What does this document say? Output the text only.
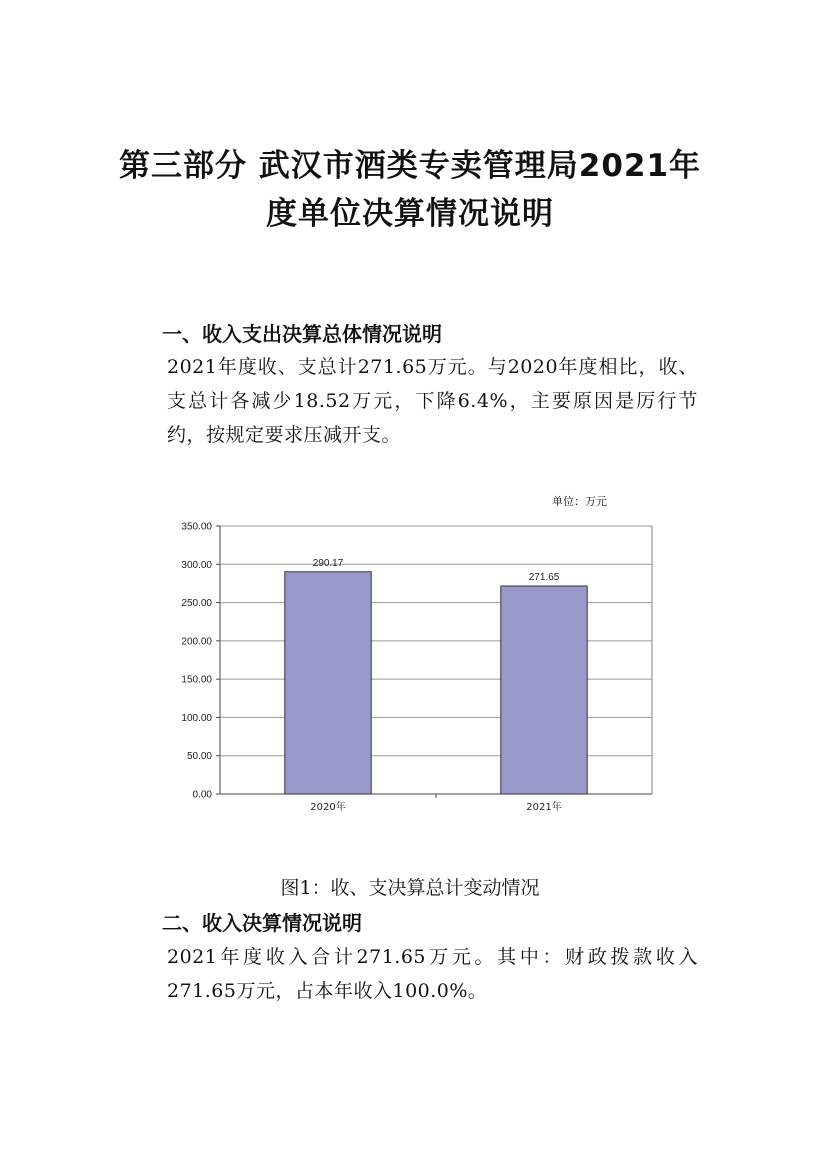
第三部分 武汉市酒类专卖管理局2021年
度单位决算情况说明
一、收入支出决算总体情况说明
2021年度收、支总计271.65万元。与2020年度相比，收、支总计各减少18.52万元，下降6.4%，主要原因是厉行节约，按规定要求压减开支。
单位：万元
0.00
50.00
100.00
150.00
200.00
250.00
300.00
350.00
290.17
2020年
271.65
2021年
图1：收、支决算总计变动情况
二、收入决算情况说明
2021年度收入合计271.65万元。其中：财政拨款收入271.65万元，占本年收入100.0%。
